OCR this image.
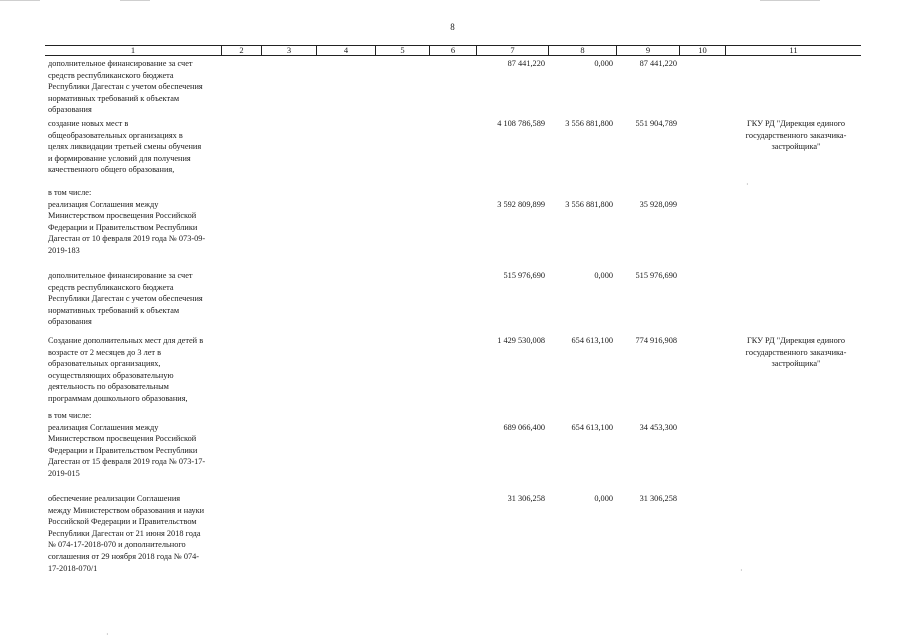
8
1	2	3	4	5	6	7	8	9	10	11
дополнительное финансирование за счет
средств республиканского бюджета
Республики Дагестан с учетом обеспечения
нормативных требований к объектам
образования
87 441,220	0,000	87 441,220
создание новых мест в
общеобразовательных организациях в
целях ликвидации третьей смены обучения
и формирование условий для получения
качественного общего образования,
4 108 786,589	3 556 881,800	551 904,789	ГКУ РД "Дирекция единого
государственного заказчика-
застройщика"
в том числе:
реализация Соглашения между
Министерством просвещения Российской
Федерации и Правительством Республики
Дагестан от 10 февраля 2019 года № 073-09-
2019-183
3 592 809,899	3 556 881,800	35 928,099
дополнительное финансирование за счет
средств республиканского бюджета
Республики Дагестан с учетом обеспечения
нормативных требований к объектам
образования
515 976,690	0,000	515 976,690
Создание дополнительных мест для детей в
возрасте от 2 месяцев до 3 лет в
образовательных организациях,
осуществляющих образовательную
деятельность по образовательным
программам дошкольного образования,
1 429 530,008	654 613,100	774 916,908	ГКУ РД "Дирекция единого
государственного заказчика-
застройщика"
в том числе:
реализация Соглашения между
Министерством просвещения Российской
Федерации и Правительством Республики
Дагестан от 15 февраля 2019 года № 073-17-
2019-015
689 066,400	654 613,100	34 453,300
обеспечение реализации Соглашения
между Министерством образования и науки
Российской Федерации и Правительством
Республики Дагестан от 21 июня 2018 года
№ 074-17-2018-070 и дополнительного
соглашения от 29 ноября 2018 года № 074-
17-2018-070/1
31 306,258	0,000	31 306,258
·
·
·
